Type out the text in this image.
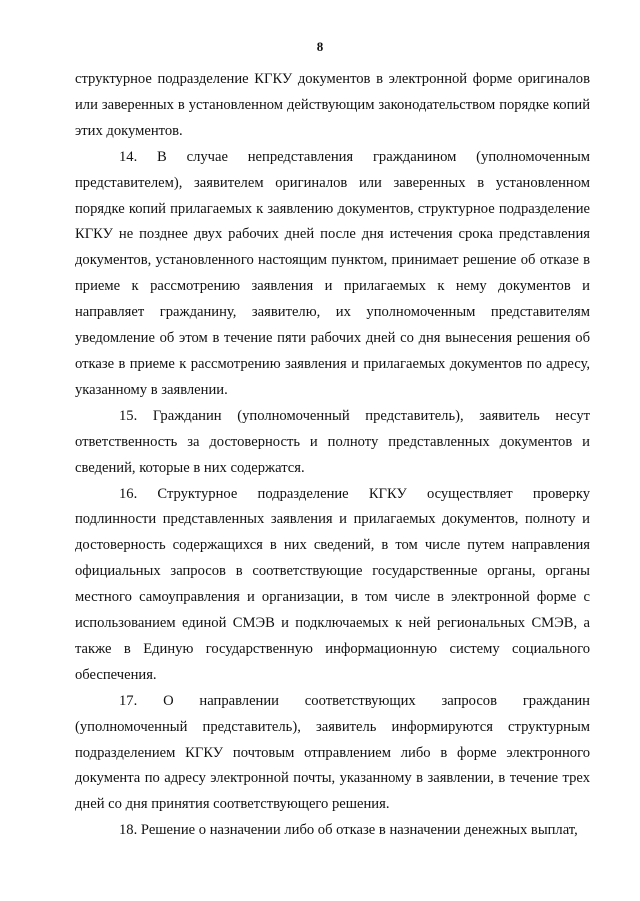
8

структурное подразделение КГКУ документов в электронной форме оригиналов или заверенных в установленном действующим законодательством порядке копий этих документов.

14. В случае непредставления гражданином (уполномоченным представителем), заявителем оригиналов или заверенных в установленном порядке копий прилагаемых к заявлению документов, структурное подразделение КГКУ не позднее двух рабочих дней после дня истечения срока представления документов, установленного настоящим пунктом, принимает решение об отказе в приеме к рассмотрению заявления и прилагаемых к нему документов и направляет гражданину, заявителю, их уполномоченным представителям уведомление об этом в течение пяти рабочих дней со дня вынесения решения об отказе в приеме к рассмотрению заявления и прилагаемых документов по адресу, указанному в заявлении.

15. Гражданин (уполномоченный представитель), заявитель несут ответственность за достоверность и полноту представленных документов и сведений, которые в них содержатся.

16. Структурное подразделение КГКУ осуществляет проверку подлинности представленных заявления и прилагаемых документов, полноту и достоверность содержащихся в них сведений, в том числе путем направления официальных запросов в соответствующие государственные органы, органы местного самоуправления и организации, в том числе в электронной форме с использованием единой СМЭВ и подключаемых к ней региональных СМЭВ, а также в Единую государственную информационную систему социального обеспечения.

17. О направлении соответствующих запросов гражданин (уполномоченный представитель), заявитель информируются структурным подразделением КГКУ почтовым отправлением либо в форме электронного документа по адресу электронной почты, указанному в заявлении, в течение трех дней со дня принятия соответствующего решения.

18. Решение о назначении либо об отказе в назначении денежных выплат,
